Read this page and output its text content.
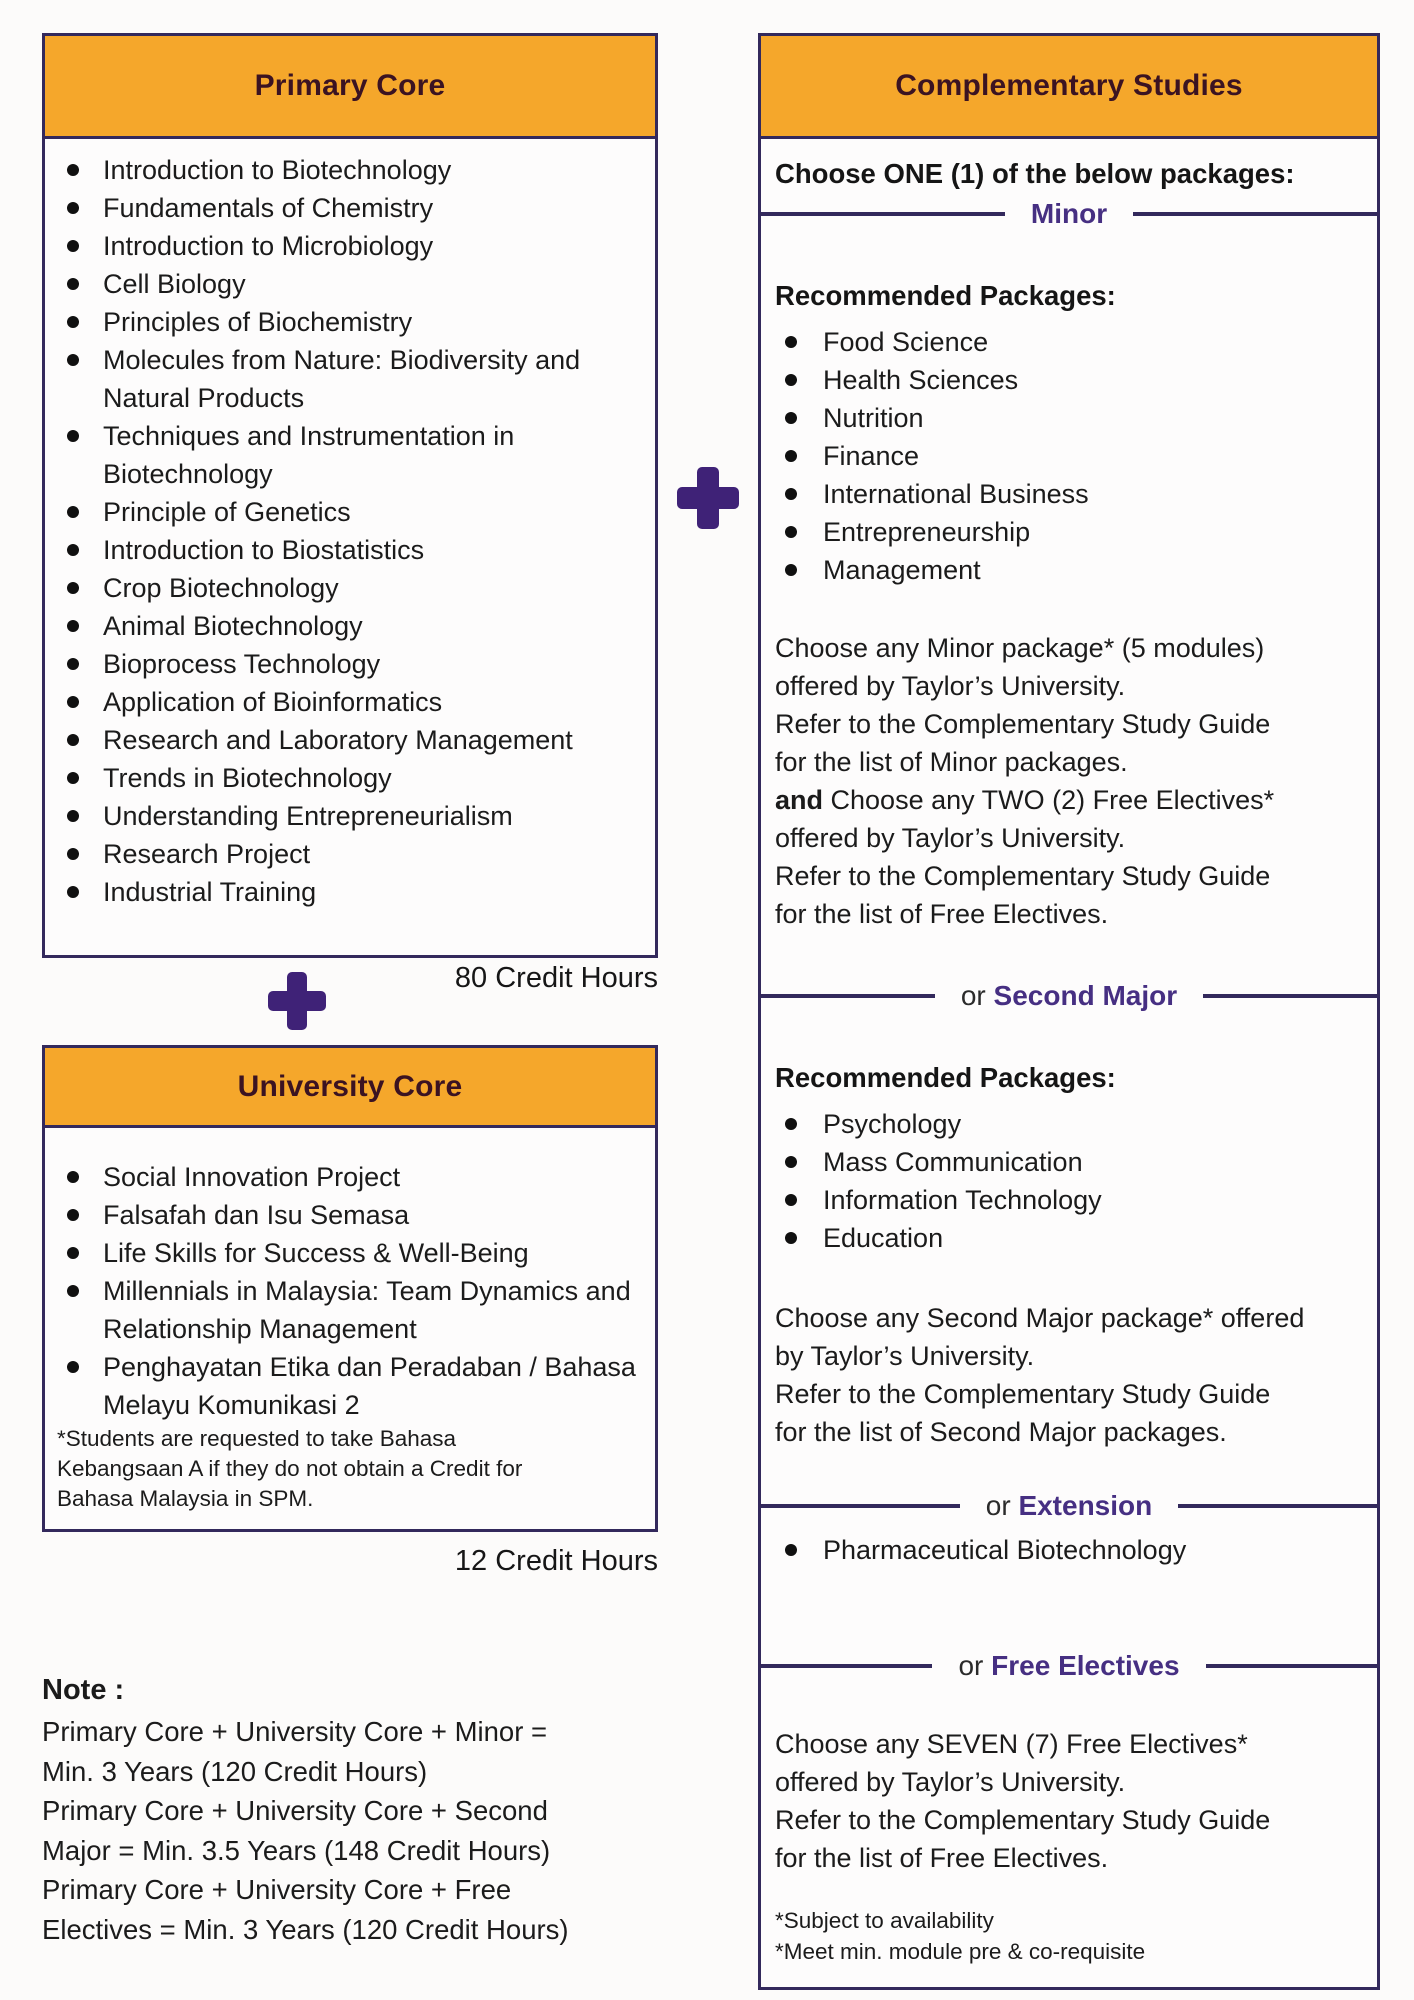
Primary Core
Introduction to Biotechnology
Fundamentals of Chemistry
Introduction to Microbiology
Cell Biology
Principles of Biochemistry
Molecules from Nature: Biodiversity and Natural Products
Techniques and Instrumentation in Biotechnology
Principle of Genetics
Introduction to Biostatistics
Crop Biotechnology
Animal Biotechnology
Bioprocess Technology
Application of Bioinformatics
Research and Laboratory Management
Trends in Biotechnology
Understanding Entrepreneurialism
Research Project
Industrial Training
80 Credit Hours
University Core
Social Innovation Project
Falsafah dan Isu Semasa
Life Skills for Success & Well-Being
Millennials in Malaysia: Team Dynamics and Relationship Management
Penghayatan Etika dan Peradaban / Bahasa Melayu Komunikasi 2
*Students are requested to take Bahasa
Kebangsaan A if they do not obtain a Credit for
Bahasa Malaysia in SPM.
12 Credit Hours
Note :
Primary Core + University Core + Minor =
Min. 3 Years (120 Credit Hours)
Primary Core + University Core + Second
Major = Min. 3.5 Years (148 Credit Hours)
Primary Core + University Core + Free
Electives = Min. 3 Years (120 Credit Hours)
Complementary Studies
Choose ONE (1) of the below packages:
Minor
Recommended Packages:
Food Science
Health Sciences
Nutrition
Finance
International Business
Entrepreneurship
Management
Choose any Minor package* (5 modules)
offered by Taylor’s University.
Refer to the Complementary Study Guide
for the list of Minor packages.
and Choose any TWO (2) Free Electives*
offered by Taylor’s University.
Refer to the Complementary Study Guide
for the list of Free Electives.
or Second Major
Recommended Packages:
Psychology
Mass Communication
Information Technology
Education
Choose any Second Major package* offered
by Taylor’s University.
Refer to the Complementary Study Guide
for the list of Second Major packages.
or Extension
Pharmaceutical Biotechnology
or Free Electives
Choose any SEVEN (7) Free Electives*
offered by Taylor’s University.
Refer to the Complementary Study Guide
for the list of Free Electives.
*Subject to availability
*Meet min. module pre & co-requisite
